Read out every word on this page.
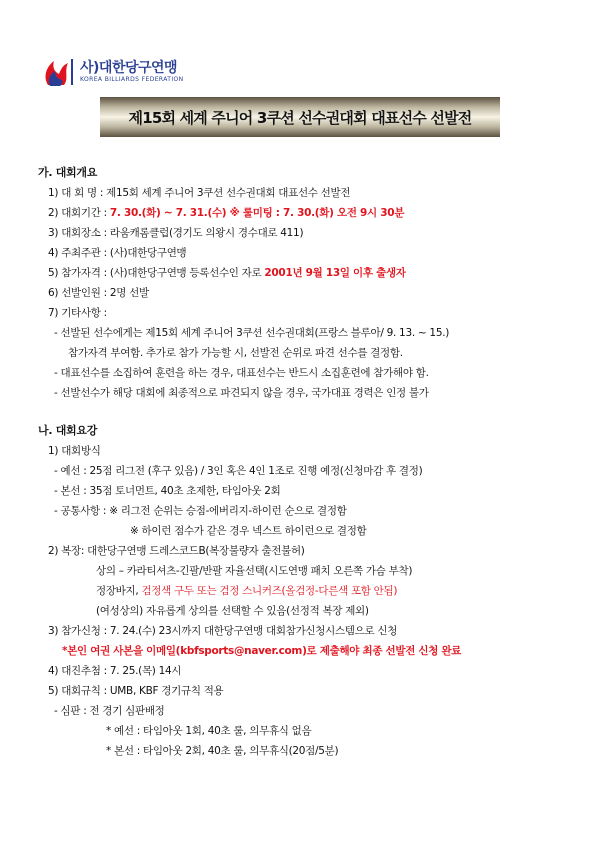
사)대한당구연맹
KOREA BILLIARDS FEDERATION
제15회 세계 주니어 3쿠션 선수권대회 대표선수 선발전
가. 대회개요
1) 대 회 명 : 제15회 세계 주니어 3쿠션 선수권대회 대표선수 선발전
2) 대회기간 : 7. 30.(화) ~ 7. 31.(수) ※ 룰미팅 : 7. 30.(화) 오전 9시 30분
3) 대회장소 : 라움캐롬클럽(경기도 의왕시 경수대로 411)
4) 주최주관 : (사)대한당구연맹
5) 참가자격 : (사)대한당구연맹 등록선수인 자로 2001년 9월 13일 이후 출생자
6) 선발인원 : 2명 선발
7) 기타사항 :
- 선발된 선수에게는 제15회 세계 주니어 3쿠션 선수권대회(프랑스 블루아/ 9. 13. ~ 15.)
참가자격 부여함. 추가로 참가 가능할 시, 선발전 순위로 파견 선수를 결정함.
- 대표선수를 소집하여 훈련을 하는 경우, 대표선수는 반드시 소집훈련에 참가해야 함.
- 선발선수가 해당 대회에 최종적으로 파견되지 않을 경우, 국가대표 경력은 인정 불가
나. 대회요강
1) 대회방식
- 예선 : 25점 리그전 (후구 있음) / 3인 혹은 4인 1조로 진행 예정(신청마감 후 결정)
- 본선 : 35점 토너먼트, 40초 초제한, 타임아웃 2회
- 공통사항 : ※ 리그전 순위는 승점-에버리지-하이런 순으로 결정함
※ 하이런 점수가 같은 경우 넥스트 하이런으로 결정함
2) 복장: 대한당구연맹 드레스코드B(복장불량자 출전불허)
상의 – 카라티셔츠-긴팔/반팔 자율선택(시도연맹 패치 오른쪽 가슴 부착)
정장바지, 검정색 구두 또는 검정 스니커즈(올검정-다른색 포함 안됨)
(여성상의) 자유롭게 상의를 선택할 수 있음(선정적 복장 제외)
3) 참가신청 : 7. 24.(수) 23시까지 대한당구연맹 대회참가신청시스템으로 신청
*본인 여권 사본을 이메일(kbfsports@naver.com)로 제출해야 최종 선발전 신청 완료
4) 대진추첨 : 7. 25.(목) 14시
5) 대회규칙 : UMB, KBF 경기규칙 적용
- 심판 : 전 경기 심판배정
* 예선 : 타임아웃 1회, 40초 룰, 의무휴식 없음
* 본선 : 타임아웃 2회, 40초 룰, 의무휴식(20점/5분)
